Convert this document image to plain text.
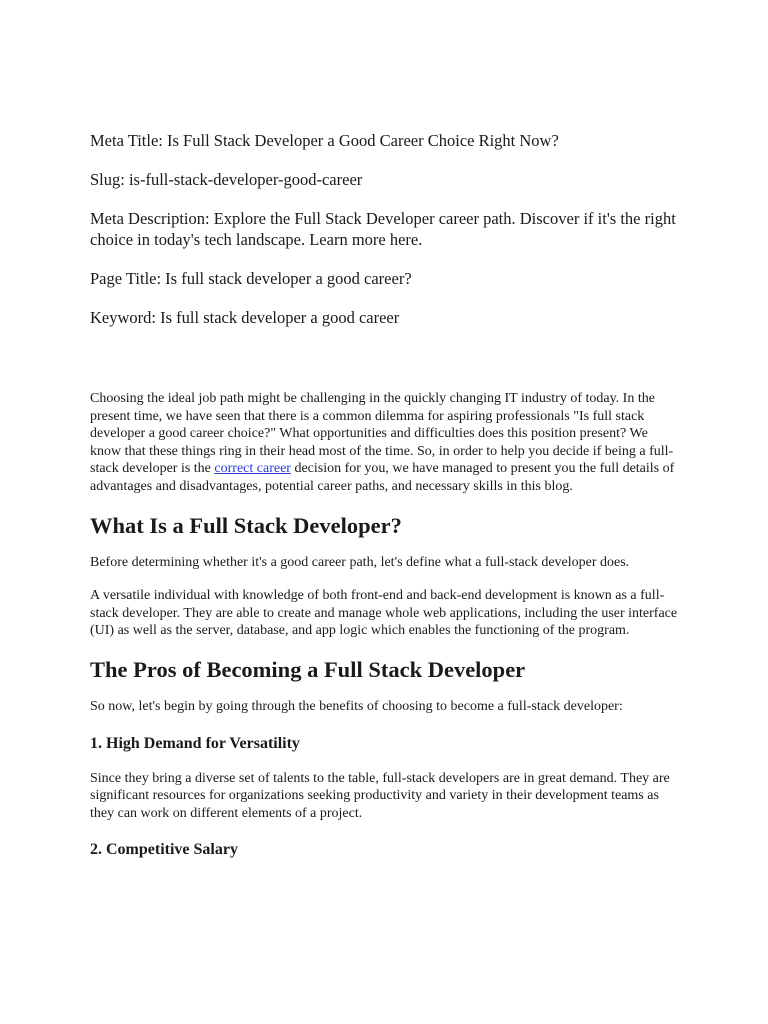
Meta Title: Is Full Stack Developer a Good Career Choice Right Now?

Slug: is-full-stack-developer-good-career

Meta Description: Explore the Full Stack Developer career path. Discover if it's the right choice in today's tech landscape. Learn more here.

Page Title: Is full stack developer a good career?

Keyword: Is full stack developer a good career

Choosing the ideal job path might be challenging in the quickly changing IT industry of today. In the present time, we have seen that there is a common dilemma for aspiring professionals "Is full stack developer a good career choice?" What opportunities and difficulties does this position present? We know that these things ring in their head most of the time. So, in order to help you decide if being a full-stack developer is the correct career decision for you, we have managed to present you the full details of advantages and disadvantages, potential career paths, and necessary skills in this blog.

What Is a Full Stack Developer?

Before determining whether it's a good career path, let's define what a full-stack developer does.

A versatile individual with knowledge of both front-end and back-end development is known as a full-stack developer. They are able to create and manage whole web applications, including the user interface (UI) as well as the server, database, and app logic which enables the functioning of the program.

The Pros of Becoming a Full Stack Developer

So now, let's begin by going through the benefits of choosing to become a full-stack developer:

1. High Demand for Versatility

Since they bring a diverse set of talents to the table, full-stack developers are in great demand. They are significant resources for organizations seeking productivity and variety in their development teams as they can work on different elements of a project.

2. Competitive Salary
